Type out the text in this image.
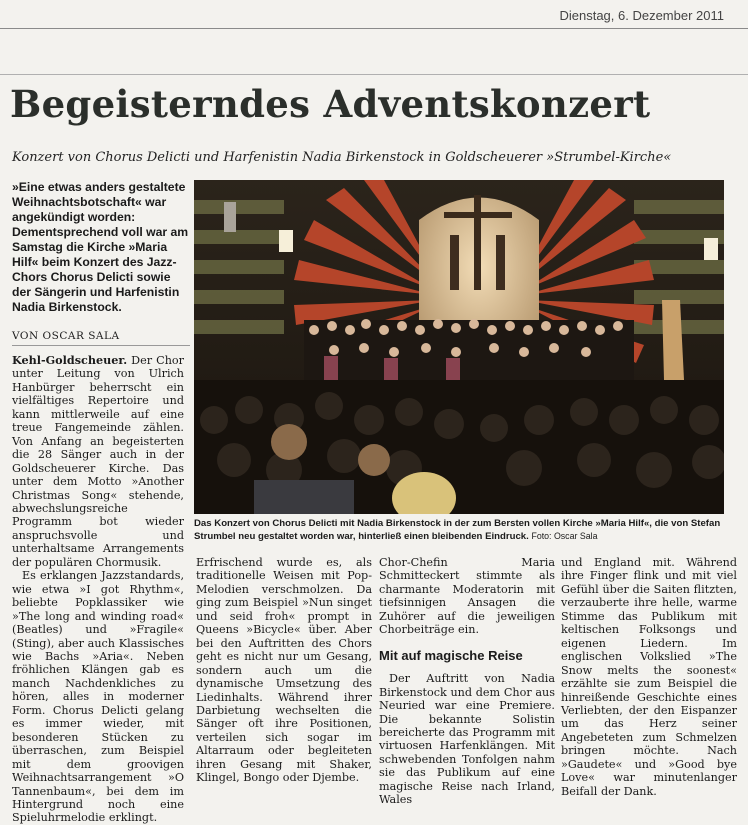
Dienstag, 6. Dezember 2011
Begeisterndes Adventskonzert
Konzert von Chorus Delicti und Harfenistin Nadia Birkenstock in Goldscheuerer »Strumbel-Kirche«
»Eine etwas anders gestaltete Weihnachtsbotschaft« war angekündigt worden: Dementsprechend voll war am Samstag die Kirche »Maria Hilf« beim Konzert des Jazz-Chors Chorus Delicti sowie der Sängerin und Harfenistin Nadia Birkenstock.
VON OSCAR SALA

Kehl-Goldscheuer. Der Chor unter Leitung von Ulrich Hanbürger beherrscht ein vielfältiges Repertoire und kann mittlerweile auf eine treue Fangemeinde zählen. Von Anfang an begeisterten die 28 Sänger auch in der Goldscheuerer Kirche. Das unter dem Motto »Another Christmas Song« stehende, abwechslungsreiche Programm bot wieder anspruchsvolle und unterhaltsame Arrangements der populären Chormusik.

Es erklangen Jazzstandards, wie etwa »I got Rhythm«, beliebte Popklassiker wie »The long and winding road« (Beatles) und »Fragile« (Sting), aber auch Klassisches wie Bachs »Aria«. Neben fröhlichen Klängen gab es manch Nachdenkliches zu hören, alles in moderner Form. Chorus Delicti gelang es immer wieder, mit besonderen Stücken zu überraschen, zum Beispiel mit dem groovigen Weihnachtsarrangement »O Tannenbaum«, bei dem im Hintergrund noch eine Spieluhrmelodie erklingt.

Erfrischend wurde es, als traditionelle Weisen mit Pop-Melodien verschmolzen. Da ging zum Beispiel »Nun singet und seid froh« prompt in Queens »Bicycle« über. Aber bei den Auftritten des Chors geht es nicht nur um Gesang, sondern auch um die dynamische Umsetzung des Liedinhalts. Während ihrer Darbietung wechselten die Sänger oft ihre Positionen, verteilen sich sogar im Altarraum oder begleiteten ihren Gesang mit Shaker, Klingel, Bongo oder Djembe.

Chor-Chefin Maria Schmitteckert stimmte als charmante Moderatorin mit tiefsinnigen Ansagen die Zuhörer auf die jeweiligen Chorbeiträge ein.

Mit auf magische Reise

Der Auftritt von Nadia Birkenstock und dem Chor aus Neuried war eine Premiere. Die bekannte Solistin bereicherte das Programm mit virtuosen Harfenklängen. Mit schwebenden Tonfolgen nahm sie das Publikum auf eine magische Reise nach Irland, Wales

und England mit. Während ihre Finger flink und mit viel Gefühl über die Saiten flitzten, verzauberte ihre helle, warme Stimme das Publikum mit keltischen Folksongs und eigenen Liedern. Im englischen Volkslied »The Snow melts the soonest« erzählte sie zum Beispiel die hinreißende Geschichte eines Verliebten, der den Eispanzer um das Herz seiner Angebeteten zum Schmelzen bringen möchte. Nach »Gaudete« und »Good bye Love« war minutenlanger Beifall der Dank.

Das Konzert von Chorus Delicti mit Nadia Birkenstock in der zum Bersten vollen Kirche »Maria Hilf«, die von Stefan Strumbel neu gestaltet worden war, hinterließ einen bleibenden Eindruck. Foto: Oscar Sala
